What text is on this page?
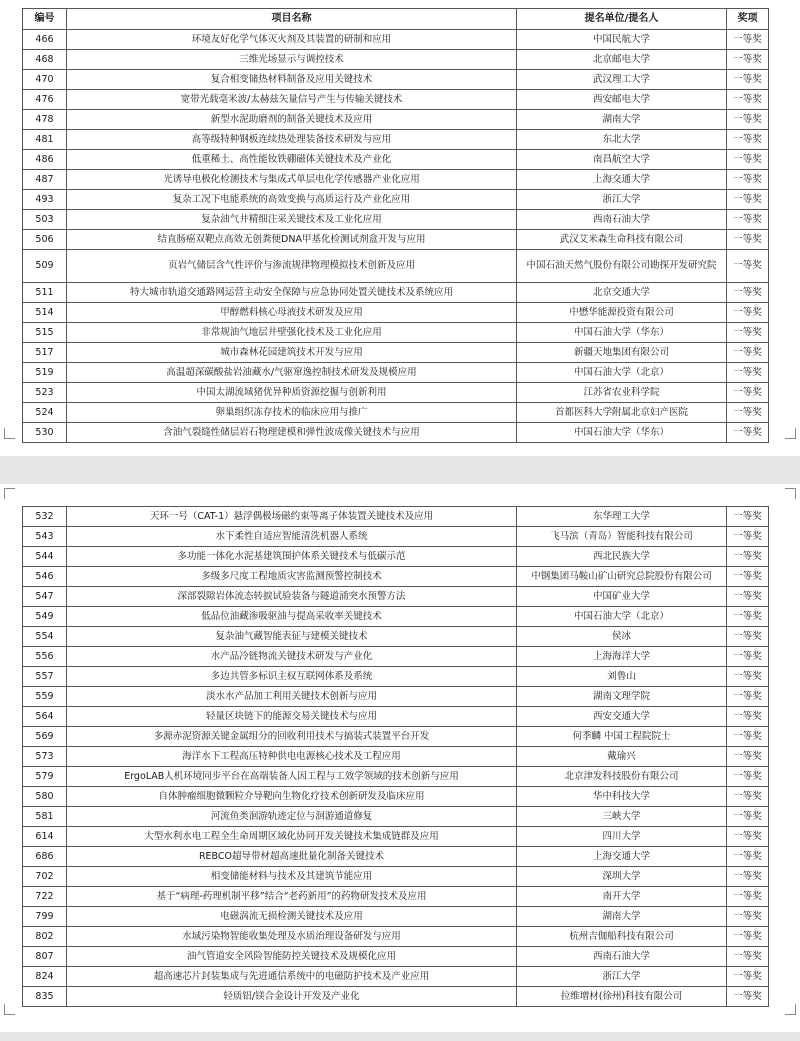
编号	项目名称	提名单位/提名人	奖项
466	环境友好化学气体灭火剂及其装置的研制和应用	中国民航大学	一等奖
468	三维光场显示与调控技术	北京邮电大学	一等奖
470	复合相变储热材料制备及应用关键技术	武汉理工大学	一等奖
476	宽带光载毫米波/太赫兹矢量信号产生与传输关键技术	西安邮电大学	一等奖
478	新型水泥助磨剂的制备关键技术及应用	湖南大学	一等奖
481	高等级特种钢板连续热处理装备技术研发与应用	东北大学	一等奖
486	低重稀土、高性能钕铁硼磁体关键技术及产业化	南昌航空大学	一等奖
487	光诱导电极化检测技术与集成式单层电化学传感器产业化应用	上海交通大学	一等奖
493	复杂工况下电能系统的高效变换与高质运行及产业化应用	浙江大学	一等奖
503	复杂油气井精细注采关键技术及工业化应用	西南石油大学	一等奖
506	结直肠癌双靶点高效无创粪便DNA甲基化检测试剂盒开发与应用	武汉艾米森生命科技有限公司	一等奖
509	页岩气储层含气性评价与渗流规律物理模拟技术创新及应用	中国石油天然气股份有限公司勘探开发研究院	一等奖
511	特大城市轨道交通路网运营主动安全保障与应急协同处置关键技术及系统应用	北京交通大学	一等奖
514	甲醇燃料核心母液技术研发及应用	中懋华能源投资有限公司	一等奖
515	非常规油气地层井壁强化技术及工业化应用	中国石油大学（华东）	一等奖
517	城市森林花园建筑技术开发与应用	新疆天地集团有限公司	一等奖
519	高温超深碳酸盐岩油藏水/气驱窜逸控制技术研发及规模应用	中国石油大学（北京）	一等奖
523	中国太湖流域猪优异种质资源挖掘与创新利用	江苏省农业科学院	一等奖
524	卵巢组织冻存技术的临床应用与推广	首都医科大学附属北京妇产医院	一等奖
530	含油气裂缝性储层岩石物理建模和弹性波成像关键技术与应用	中国石油大学（华东）	一等奖
532	天环一号（CAT-1）悬浮偶极场磁约束等离子体装置关键技术及应用	东华理工大学	一等奖
543	水下柔性自适应智能清洗机器人系统	飞马滨（青岛）智能科技有限公司	一等奖
544	多功能一体化水泥基建筑围护体系关键技术与低碳示范	西北民族大学	一等奖
546	多级多尺度工程地质灾害监测预警控制技术	中钢集团马鞍山矿山研究总院股份有限公司	一等奖
547	深部裂隙岩体流态转捩试验装备与隧道涌突水预警方法	中国矿业大学	一等奖
549	低品位油藏渗吸驱油与提高采收率关键技术	中国石油大学（北京）	一等奖
554	复杂油气藏智能表征与建模关键技术	侯冰	一等奖
556	水产品冷链物流关键技术研发与产业化	上海海洋大学	一等奖
557	多边共管多标识主权互联网体系及系统	刘鲁山	一等奖
559	淡水水产品加工利用关键技术创新与应用	湖南文理学院	一等奖
564	轻量区块链下的能源交易关键技术与应用	西安交通大学	一等奖
569	多源赤泥资源关键金属组分的回收利用技术与搞装式装置平台开发	何季麟 中国工程院院士	一等奖
573	海洋水下工程高压特种供电电源核心技术及工程应用	戴瑜兴	一等奖
579	ErgoLAB人机环境同步平台在高端装备人因工程与工效学领域的技术创新与应用	北京津发科技股份有限公司	一等奖
580	自体肿瘤细胞微颗粒介导靶向生物化疗技术创新研发及临床应用	华中科技大学	一等奖
581	河流鱼类洄游轨迹定位与洄游通道修复	三峡大学	一等奖
614	大型水利水电工程全生命周期区域化协同开发关键技术集成链群及应用	四川大学	一等奖
686	REBCO超导带材超高速批量化制备关键技术	上海交通大学	一等奖
702	相变储能材料与技术及其建筑节能应用	深圳大学	一等奖
722	基于“病理-药理机制平移”结合“老药新用”的药物研发技术及应用	南开大学	一等奖
799	电磁涡流无损检测关键技术及应用	湖南大学	一等奖
802	水域污染物智能收集处理及水质治理设备研发与应用	杭州吉伽船科技有限公司	一等奖
807	油气管道安全风险智能防控关键技术及规模化应用	西南石油大学	一等奖
824	超高速芯片封装集成与先进通信系统中的电磁防护技术及产业应用	浙江大学	一等奖
835	轻质铝/镁合金设计开发及产业化	拉维增材(徐州)科技有限公司	一等奖
